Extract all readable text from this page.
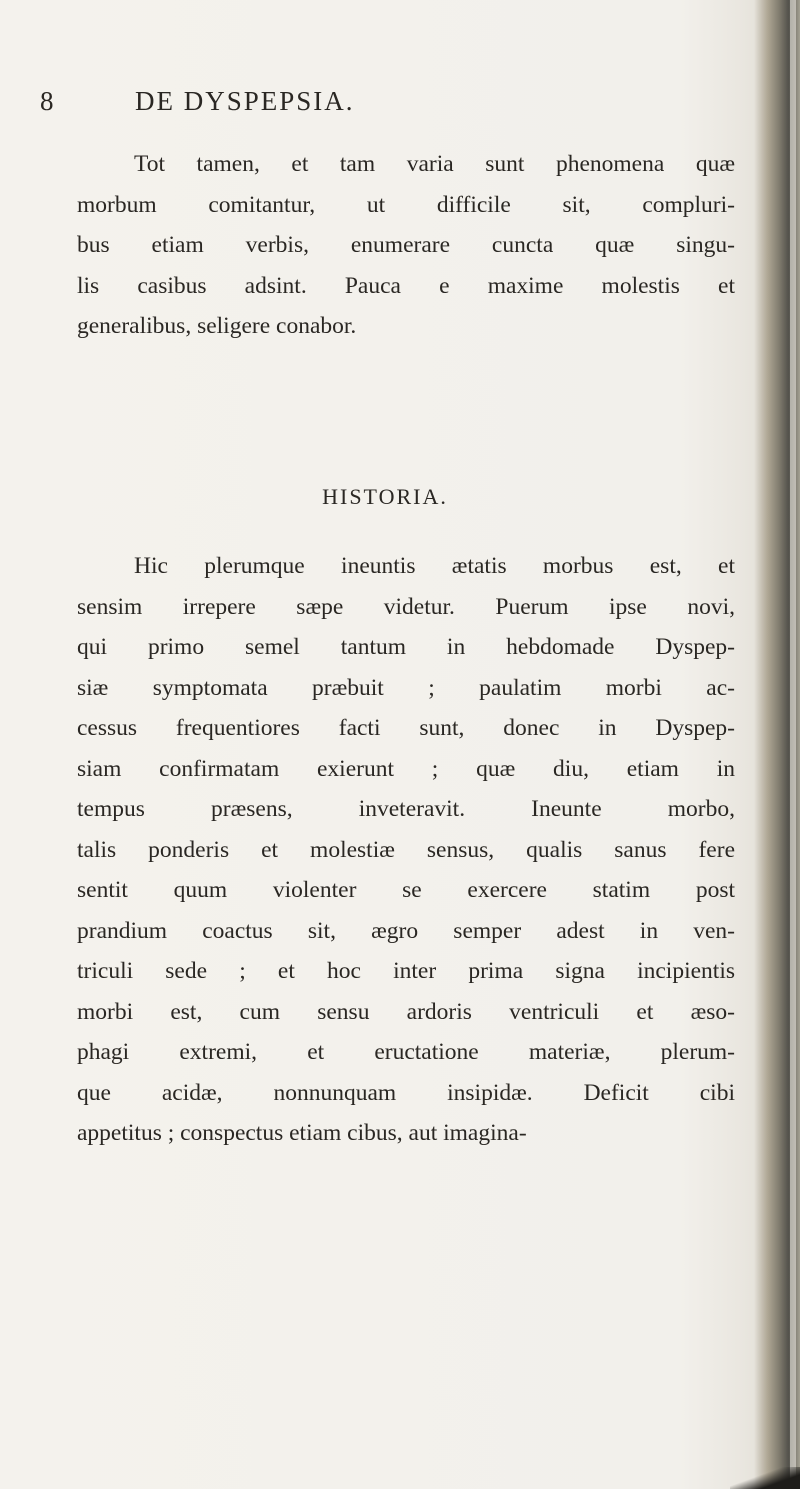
8	DE DYSPEPSIA.
Tot tamen, et tam varia sunt phenomena quæ
morbum comitantur, ut difficile sit, compluri-
bus etiam verbis, enumerare cuncta quæ singu-
lis casibus adsint. Pauca e maxime molestis et
generalibus, seligere conabor.
HISTORIA.
Hic plerumque ineuntis ætatis morbus est, et
sensim irrepere sæpe videtur. Puerum ipse novi,
qui primo semel tantum in hebdomade Dyspep-
siæ symptomata præbuit ; paulatim morbi ac-
cessus frequentiores facti sunt, donec in Dyspep-
siam confirmatam exierunt ; quæ diu, etiam in
tempus præsens, inveteravit. Ineunte morbo,
talis ponderis et molestiæ sensus, qualis sanus fere
sentit quum violenter se exercere statim post
prandium coactus sit, ægro semper adest in ven-
triculi sede ; et hoc inter prima signa incipientis
morbi est, cum sensu ardoris ventriculi et æso-
phagi extremi, et eructatione materiæ, plerum-
que acidæ, nonnunquam insipidæ. Deficit cibi
appetitus ; conspectus etiam cibus, aut imagina-
